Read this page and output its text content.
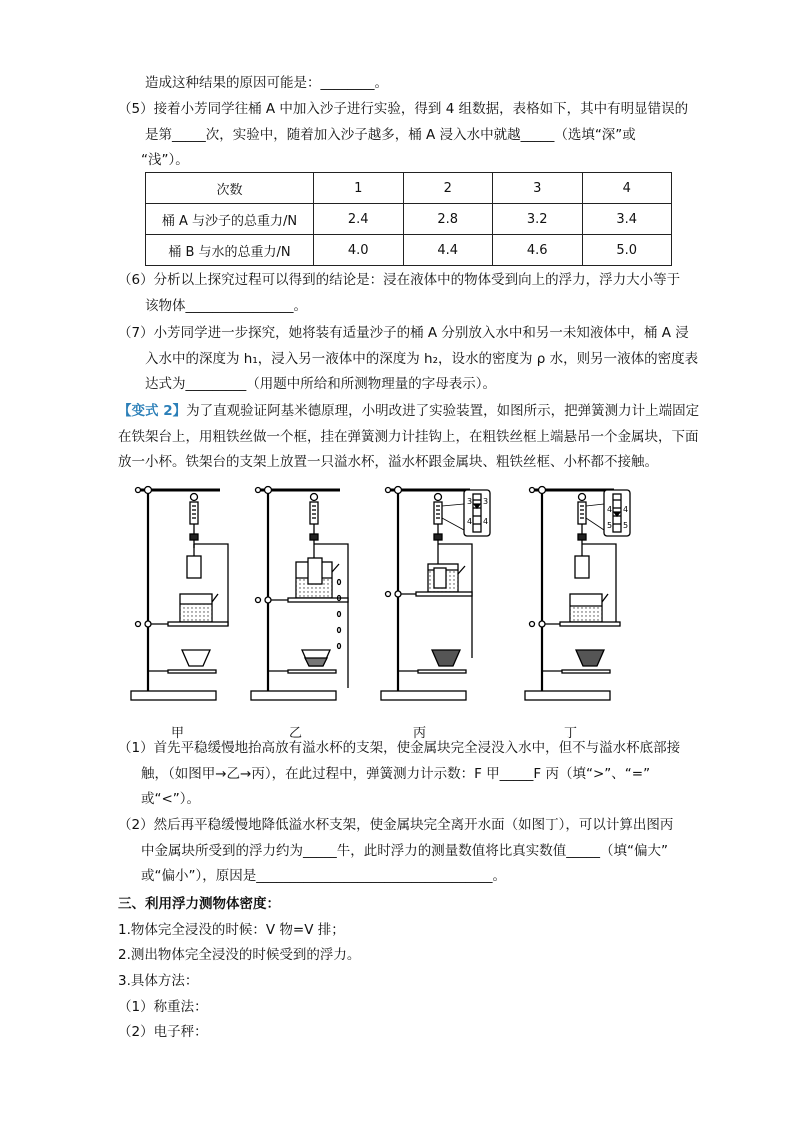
造成这种结果的原因可能是：________。
（5）接着小芳同学往桶 A 中加入沙子进行实验，得到 4 组数据，表格如下，其中有明显错误的
是第_____次，实验中，随着加入沙子越多，桶 A 浸入水中就越_____（选填“深”或
“浅”）。
次数	1	2	3	4
桶 A 与沙子的总重力/N	2.4	2.8	3.2	3.4
桶 B 与水的总重力/N	4.0	4.4	4.6	5.0
（6）分析以上探究过程可以得到的结论是：浸在液体中的物体受到向上的浮力，浮力大小等于
该物体________________。
（7）小芳同学进一步探究，她将装有适量沙子的桶 A 分别放入水中和另一未知液体中，桶 A 浸
入水中的深度为 h₁，浸入另一液体中的深度为 h₂，设水的密度为 ρ 水，则另一液体的密度表
达式为_________（用题中所给和所测物理量的字母表示）。
【变式 2】为了直观验证阿基米德原理，小明改进了实验装置，如图所示，把弹簧测力计上端固定
在铁架台上，用粗铁丝做一个框，挂在弹簧测力计挂钩上，在粗铁丝框上端悬吊一个金属块，下面
放一小杯。铁架台的支架上放置一只溢水杯，溢水杯跟金属块、粗铁丝框、小杯都不接触。
3
4
3
4
4
5
4
5
甲	乙	丙	丁
（1）首先平稳缓慢地抬高放有溢水杯的支架，使金属块完全浸没入水中，但不与溢水杯底部接
触，（如图甲→乙→丙），在此过程中，弹簧测力计示数：F 甲_____F 丙（填“>”、“=”
或“<”）。
（2）然后再平稳缓慢地降低溢水杯支架，使金属块完全离开水面（如图丁），可以计算出图丙
中金属块所受到的浮力约为_____牛，此时浮力的测量数值将比真实数值_____（填“偏大”
或“偏小”），原因是___________________________________。
三、利用浮力测物体密度：
1.物体完全浸没的时候：V 物=V 排；
2.测出物体完全浸没的时候受到的浮力。
3.具体方法：
（1）称重法：
（2）电子秤：
